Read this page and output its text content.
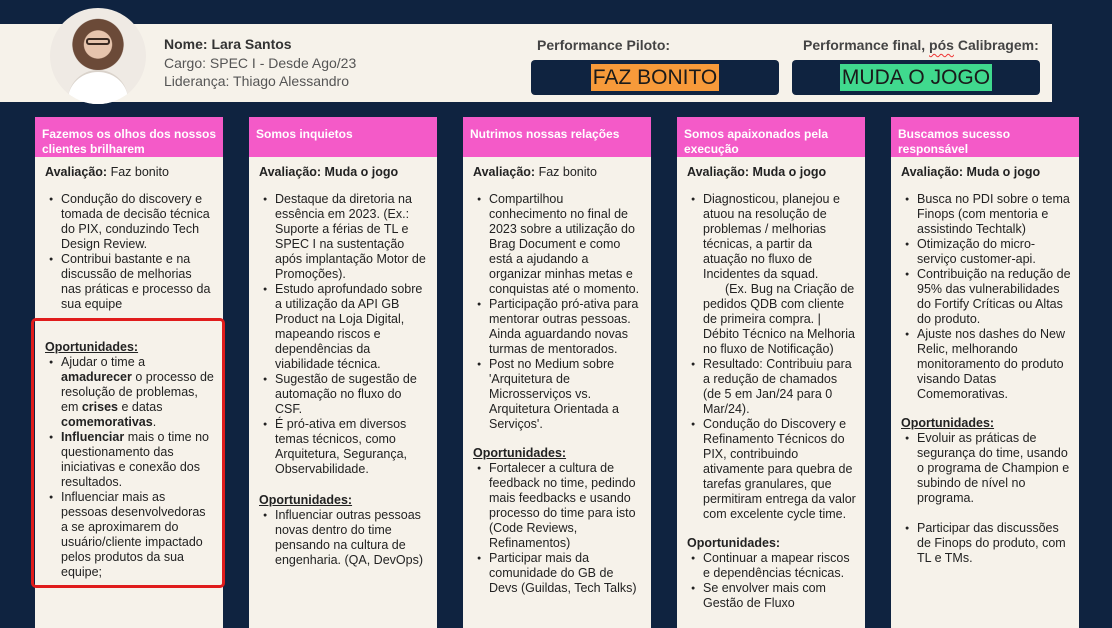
Nome: Lara Santos
Cargo: SPEC I - Desde Ago/23
Liderança: Thiago Alessandro
Performance Piloto:
FAZ BONITO
Performance final, pós Calibragem:
MUDA O JOGO
Fazemos os olhos dos nossos clientes brilharem
Avaliação: Faz bonito
● Condução do discovery e tomada de decisão técnica do PIX, conduzindo Tech Design Review.
● Contribui bastante e na discussão de melhorias nas práticas e processo da sua equipe
Oportunidades:
● Ajudar o time a amadurecer o processo de resolução de problemas, em crises e datas comemorativas.
● Influenciar mais o time no questionamento das iniciativas e conexão dos resultados.
● Influenciar mais as pessoas desenvolvedoras a se aproximarem do usuário/cliente impactado pelos produtos da sua equipe;
Somos inquietos
Avaliação: Muda o jogo
● Destaque da diretoria na essência em 2023. (Ex.: Suporte a férias de TL e SPEC I na sustentação após implantação Motor de Promoções).
● Estudo aprofundado sobre a utilização da API GB Product na Loja Digital, mapeando riscos e dependências da viabilidade técnica.
● Sugestão de sugestão de automação no fluxo do CSF.
● É pró-ativa em diversos temas técnicos, como Arquitetura, Segurança, Observabilidade.
Oportunidades:
● Influenciar outras pessoas novas dentro do time pensando na cultura de engenharia. (QA, DevOps)
Nutrimos nossas relações
Avaliação: Faz bonito
● Compartilhou conhecimento no final de 2023 sobre a utilização do Brag Document e como está a ajudando a organizar minhas metas e conquistas até o momento.
● Participação pró-ativa para mentorar outras pessoas. Ainda aguardando novas turmas de mentorados.
● Post no Medium sobre 'Arquitetura de Microsserviços vs. Arquitetura Orientada a Serviços'.
Oportunidades:
● Fortalecer a cultura de feedback no time, pedindo mais feedbacks e usando processo do time para isto (Code Reviews, Refinamentos)
● Participar mais da comunidade do GB de Devs (Guildas, Tech Talks)
Somos apaixonados pela execução
Avaliação: Muda o jogo
● Diagnosticou, planejou e atuou na resolução de problemas / melhorias técnicas, a partir da atuação no fluxo de Incidentes da squad.
(Ex. Bug na Criação de pedidos QDB com cliente de primeira compra. | Débito Técnico na Melhoria no fluxo de Notificação)
● Resultado: Contribuiu para a redução de chamados (de 5 em Jan/24 para 0 Mar/24).
● Condução do Discovery e Refinamento Técnicos do PIX, contribuindo ativamente para quebra de tarefas granulares, que permitiram entrega da valor com excelente cycle time.
Oportunidades:
● Continuar a mapear riscos e dependências técnicas.
● Se envolver mais com Gestão de Fluxo
Buscamos sucesso responsável
Avaliação: Muda o jogo
● Busca no PDI sobre o tema Finops (com mentoria e assistindo Techtalk)
● Otimização do micro-serviço customer-api.
● Contribuição na redução de 95% das vulnerabilidades do Fortify Críticas ou Altas do produto.
● Ajuste nos dashes do New Relic, melhorando monitoramento do produto visando Datas Comemorativas.
Oportunidades:
● Evoluir as práticas de segurança do time, usando o programa de Champion e subindo de nível no programa.
● Participar das discussões de Finops do produto, com TL e TMs.
